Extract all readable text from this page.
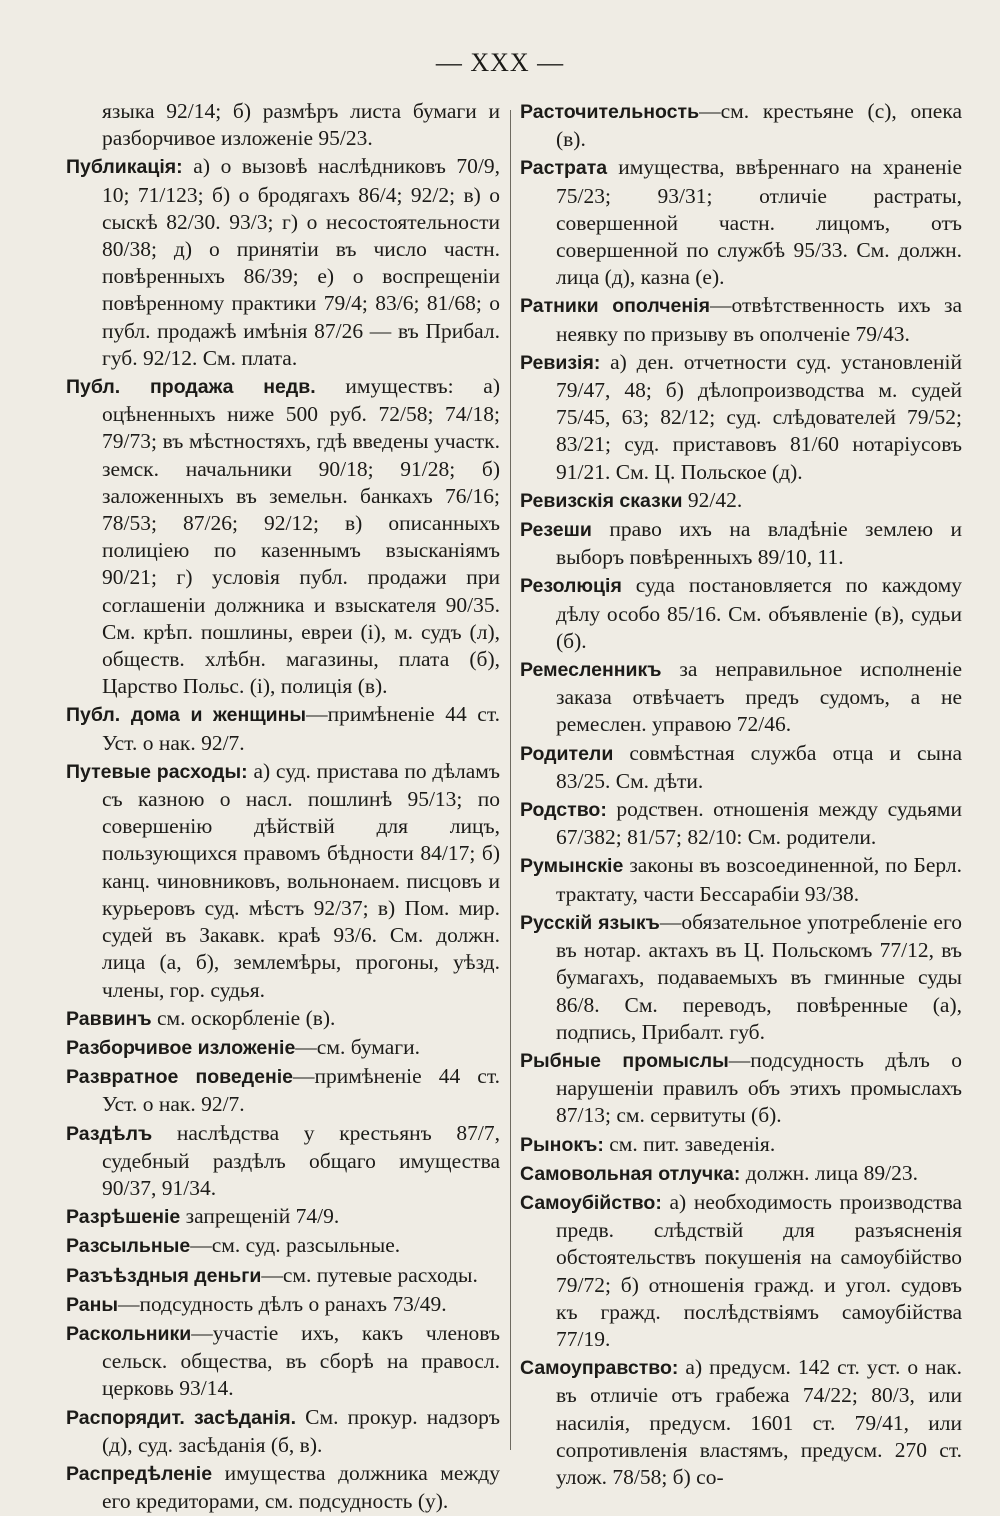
— XXX —
языка 92/14; б) размѣръ листа бумаги и разборчивое изложеніе 95/23.
Публикація: а) о вызовѣ наслѣдниковъ 70/9, 10; 71/123; б) о бродягахъ 86/4; 92/2; в) о сыскѣ 82/30. 93/3; г) о несостоятельности 80/38; д) о принятіи въ число частн. повѣренныхъ 86/39; е) о воспрещеніи повѣренному практики 79/4; 83/6; 81/68; о публ. продажѣ имѣнія 87/26 — въ Прибал. губ. 92/12. См. плата.
Публ. продажа недв. имуществъ: а) оцѣненныхъ ниже 500 руб. 72/58; 74/18; 79/73; въ мѣстностяхъ, гдѣ введены участк. земск. начальники 90/18; 91/28; б) заложенныхъ въ земельн. банкахъ 76/16; 78/53; 87/26; 92/12; в) описанныхъ полиціею по казеннымъ взысканіямъ 90/21; г) условія публ. продажи при соглашеніи должника и взыскателя 90/35. См. крѣп. пошлины, евреи (і), м. судъ (л), обществ. хлѣбн. магазины, плата (б), Царство Польс. (і), полиція (в).
Публ. дома и женщины—примѣненіе 44 ст. Уст. о нак. 92/7.
Путевые расходы: а) суд. пристава по дѣламъ съ казною о насл. пошлинѣ 95/13; по совершенію дѣйствій для лицъ, пользующихся правомъ бѣдности 84/17; б) канц. чиновниковъ, вольнонаем. писцовъ и курьеровъ суд. мѣстъ 92/37; в) Пом. мир. судей въ Закавк. краѣ 93/6. См. должн. лица (а, б), землемѣры, прогоны, уѣзд. члены, гор. судья.
Раввинъ см. оскорбленіе (в).
Разборчивое изложеніе—см. бумаги.
Развратное поведеніе—примѣненіе 44 ст. Уст. о нак. 92/7.
Раздѣлъ наслѣдства у крестьянъ 87/7, судебный раздѣлъ общаго имущества 90/37, 91/34.
Разрѣшеніе запрещеній 74/9.
Разсыльные—см. суд. разсыльные.
Разъѣздныя деньги—см. путевые расходы.
Раны—подсудность дѣлъ о ранахъ 73/49.
Раскольники—участіе ихъ, какъ членовъ сельск. общества, въ сборѣ на правосл. церковь 93/14.
Распорядит. засѣданія. См. прокур. надзоръ (д), суд. засѣданія (б, в).
Распредѣленіе имущества должника между его кредиторами, см. подсудность (у).
Расточительность—см. крестьяне (с), опека (в).
Растрата имущества, ввѣреннаго на храненіе 75/23; 93/31; отличіе растраты, совершенной частн. лицомъ, отъ совершенной по службѣ 95/33. См. должн. лица (д), казна (е).
Ратники ополченія—отвѣтственность ихъ за неявку по призыву въ ополченіе 79/43.
Ревизія: а) ден. отчетности суд. установленій 79/47, 48; б) дѣлопроизводства м. судей 75/45, 63; 82/12; суд. слѣдователей 79/52; 83/21; суд. приставовъ 81/60 нотаріусовъ 91/21. См. Ц. Польское (д).
Ревизскія сказки 92/42.
Резеши право ихъ на владѣніе землею и выборъ повѣренныхъ 89/10, 11.
Резолюція суда постановляется по каждому дѣлу особо 85/16. См. объявленіе (в), судьи (б).
Ремесленникъ за неправильное исполненіе заказа отвѣчаетъ предъ судомъ, а не ремеслен. управою 72/46.
Родители совмѣстная служба отца и сына 83/25. См. дѣти.
Родство: родствен. отношенія между судьями 67/382; 81/57; 82/10: См. родители.
Румынскіе законы въ возсоединенной, по Берл. трактату, части Бессарабіи 93/38.
Русскій языкъ—обязательное употребленіе его въ нотар. актахъ въ Ц. Польскомъ 77/12, въ бумагахъ, подаваемыхъ въ гминные суды 86/8. См. переводъ, повѣренные (а), подпись, Прибалт. губ.
Рыбные промыслы—подсудность дѣлъ о нарушеніи правилъ объ этихъ промыслахъ 87/13; см. сервитуты (б).
Рынокъ: см. пит. заведенія.
Самовольная отлучка: должн. лица 89/23.
Самоубійство: а) необходимость производства предв. слѣдствій для разъясненія обстоятельствъ покушенія на самоубійство 79/72; б) отношенія гражд. и угол. судовъ къ гражд. послѣдствіямъ самоубійства 77/19.
Самоуправство: а) предусм. 142 ст. уст. о нак. въ отличіе отъ грабежа 74/22; 80/3, или насилія, предусм. 1601 ст. 79/41, или сопротивленія властямъ, предусм. 270 ст. улож. 78/58; б) со-
